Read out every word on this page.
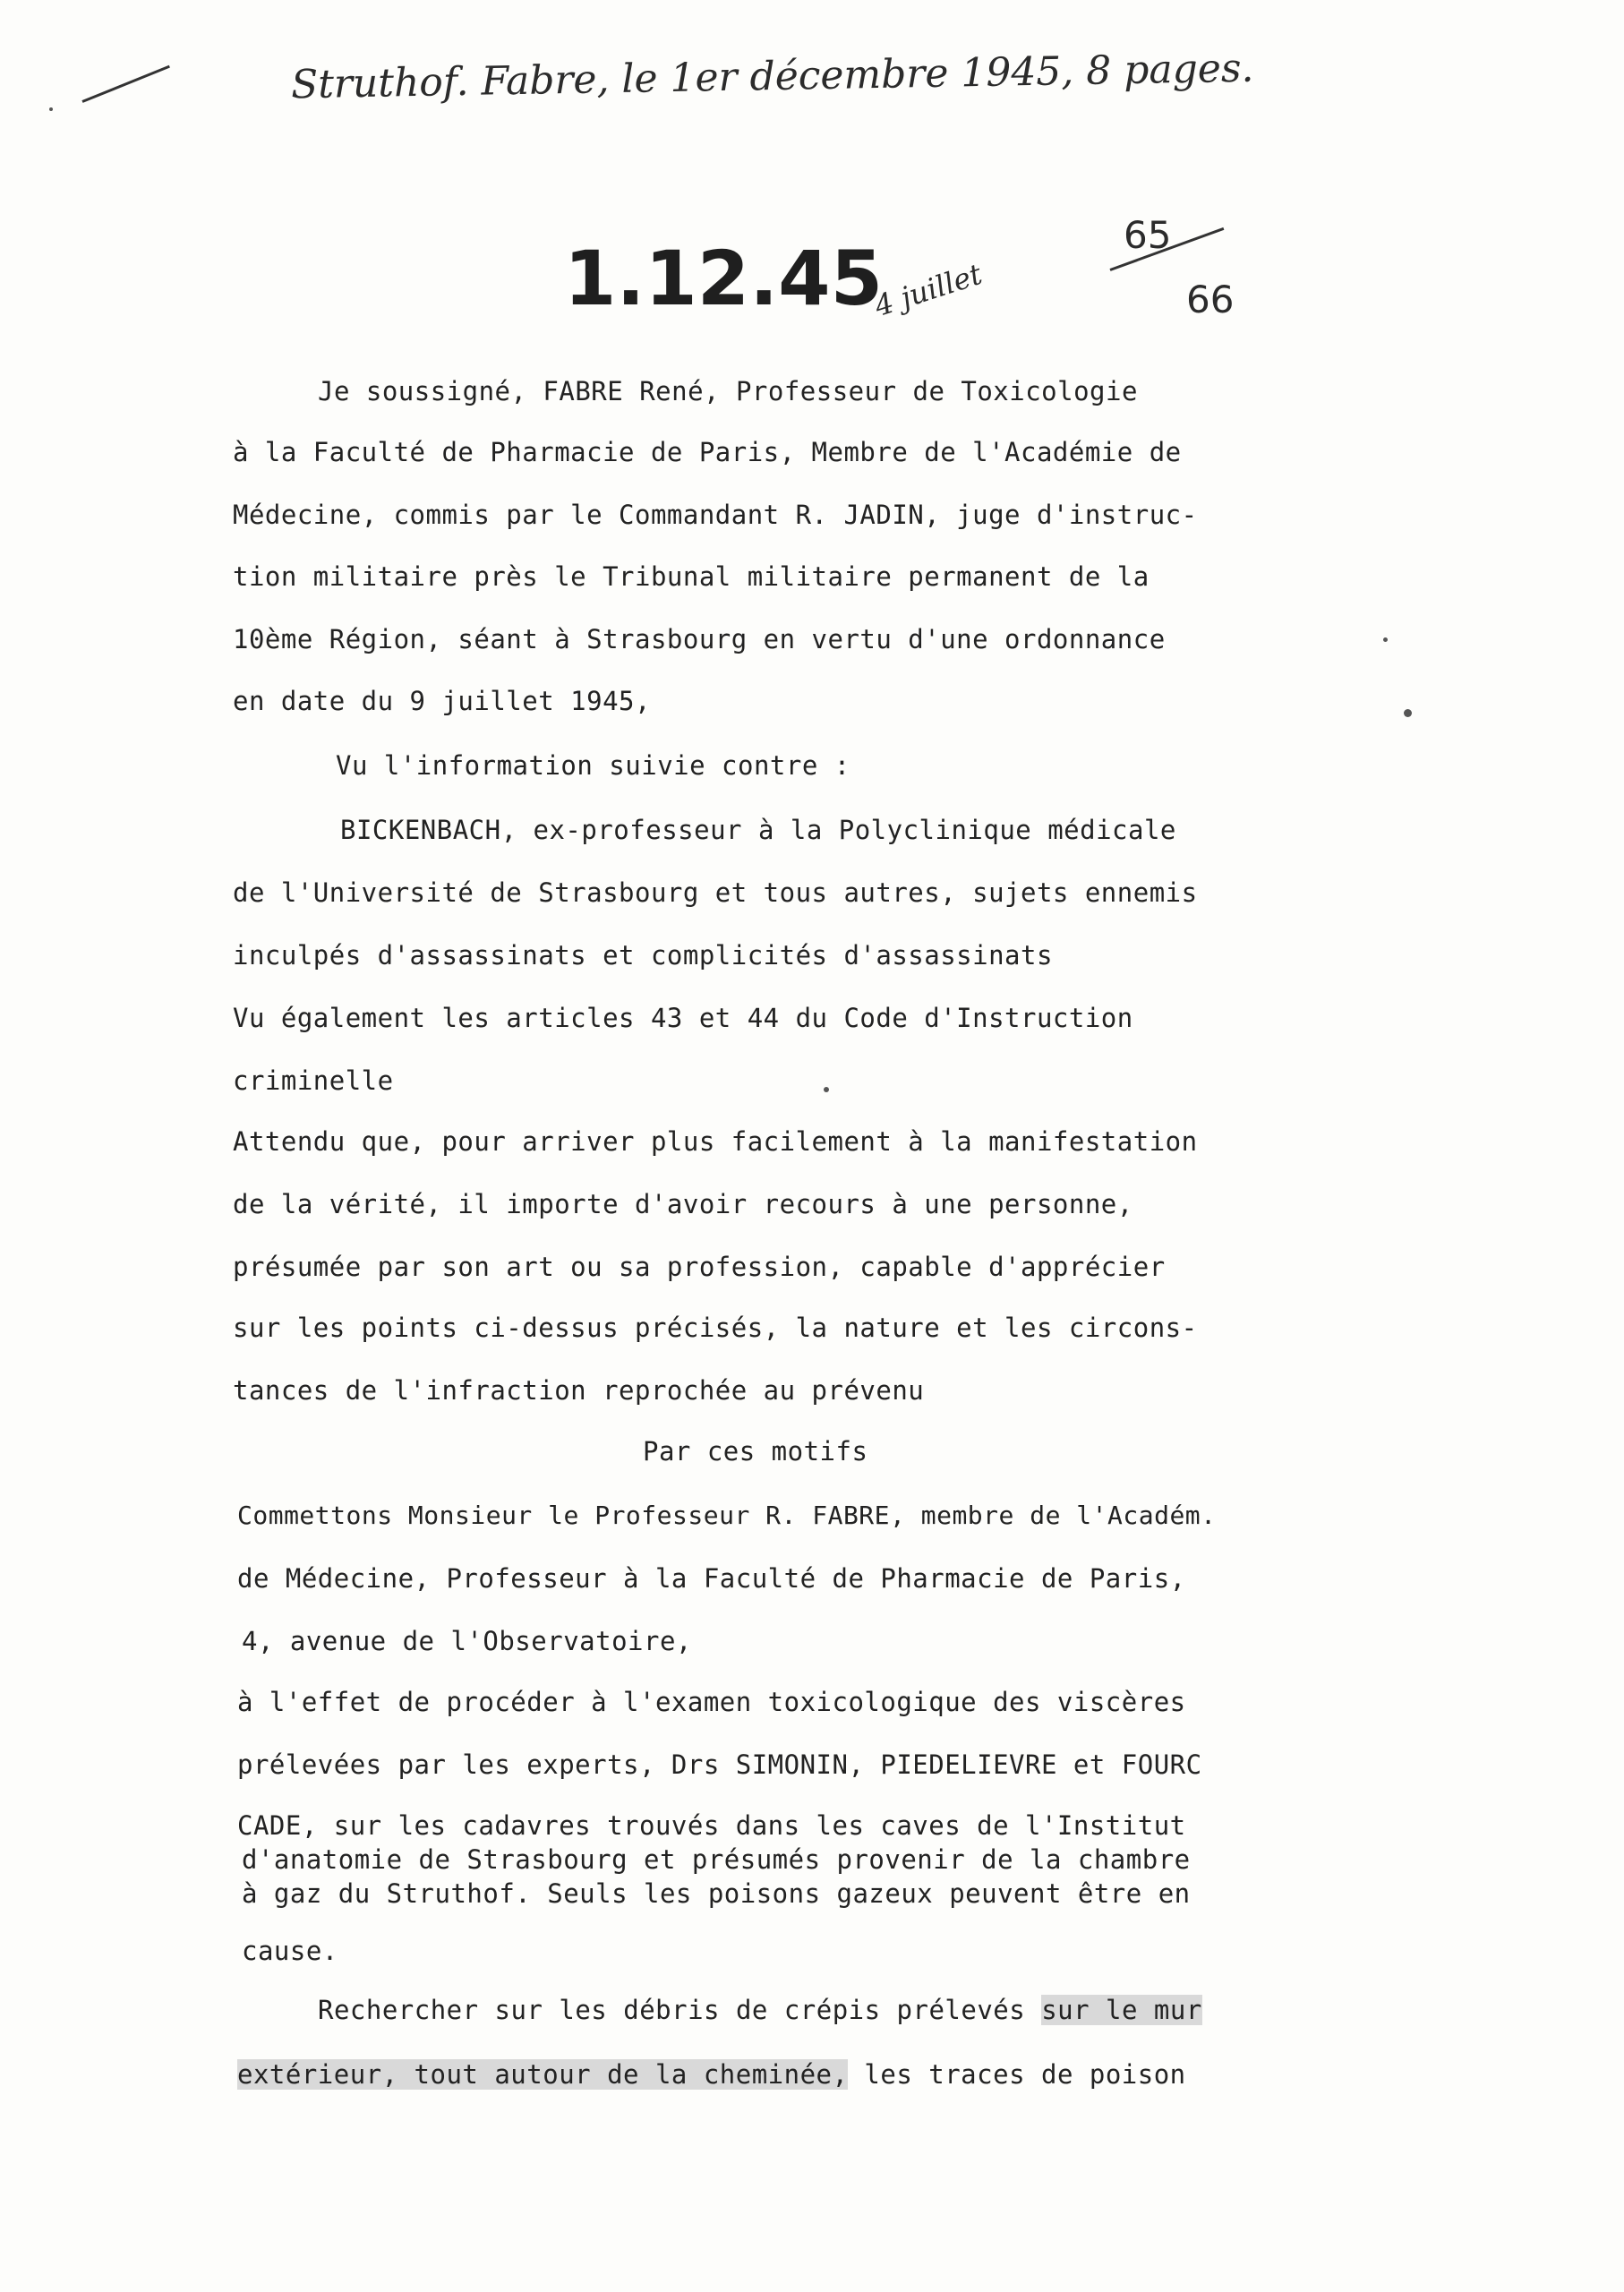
Struthof. Fabre, le 1er décembre 1945, 8 pages.
1.12.45
4 juillet
65
66
Je soussigné, FABRE René, Professeur de Toxicologie
à la Faculté de Pharmacie de Paris, Membre de l'Académie de
Médecine, commis par le Commandant R. JADIN, juge d'instruc-
tion militaire près le Tribunal militaire permanent de la
10ème Région, séant à Strasbourg en vertu d'une ordonnance
en date du 9 juillet 1945,
Vu l'information suivie contre :
BICKENBACH, ex-professeur à la Polyclinique médicale
de l'Université de Strasbourg et tous autres, sujets ennemis
inculpés d'assassinats et complicités d'assassinats
Vu également les articles 43 et 44 du Code d'Instruction
criminelle
Attendu que, pour arriver plus facilement à la manifestation
de la vérité, il importe d'avoir recours à une personne,
présumée par son art ou sa profession, capable d'apprécier
sur les points ci-dessus précisés, la nature et les circons-
tances de l'infraction reprochée au prévenu
Par ces motifs
Commettons Monsieur le Professeur R. FABRE, membre de l'Académ.
de Médecine, Professeur à la Faculté de Pharmacie de Paris,
4, avenue de l'Observatoire,
à l'effet de procéder à l'examen toxicologique des viscères
prélevées par les experts, Drs SIMONIN, PIEDELIEVRE et FOURC
CADE, sur les cadavres trouvés dans les caves de l'Institut
d'anatomie de Strasbourg et présumés provenir de la chambre
à gaz du Struthof. Seuls les poisons gazeux peuvent être en
cause.
Rechercher sur les débris de crépis prélevés sur le mur
extérieur, tout autour de la cheminée, les traces de poison
